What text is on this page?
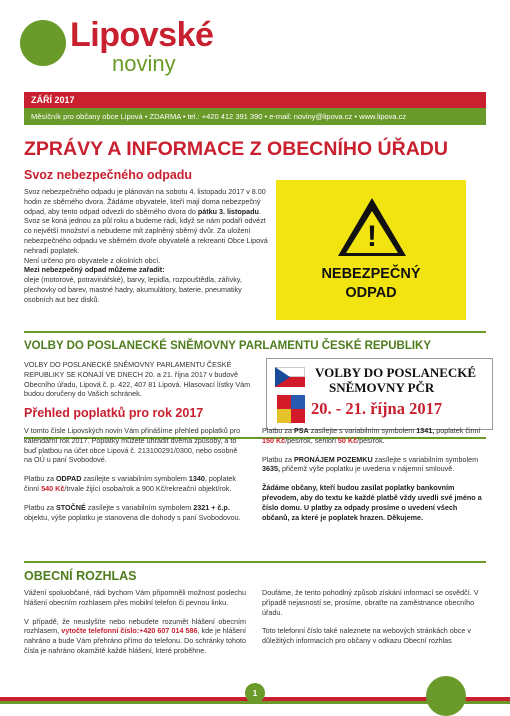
Lipovské
noviny
ZÁŘÍ 2017
Měsíčník pro občany obce Lipová • ZDARMA • tel.: +420 412 391 390 • e-mail: noviny@lipova.cz • www.lipova.cz
ZPRÁVY A INFORMACE Z OBECNÍHO ÚŘADU
Svoz nebezpečného odpadu

Svoz nebezpečného odpadu je plánován na sobotu 4. listopadu 2017 v 8.00 hodin ze sběrného dvora. Žádáme obyvatele, kteří mají doma nebezpečný odpad, aby tento odpad odvezli do sběrného dvora do pátku 3. listopadu.

Svoz se koná jednou za půl roku a budeme rádi, když se nám podaří odvézt co největší množství a nebudeme mít zaplněný sběrný dvůr. Za uložení nebezpečného odpadu ve sběrném dvoře obyvatelé a rekreanti Obce Lipová nehradí poplatek.

Není určeno pro obyvatele z okolních obcí.

Mezi nebezpečný odpad můžeme zařadit:

oleje (motorové, potravinářské), barvy, lepidla, rozpouštědla, zářivky, plechovky od barev, mastné hadry, akumulátory, baterie, pneumatiky osobních aut bez disků.

!
NEBEZPEČNÝ
ODPAD
VOLBY DO POSLANECKÉ SNĚMOVNY PARLAMENTU ČESKÉ REPUBLIKY
VOLBY DO POSLANECKÉ SNĚMOVNY PARLAMENTU ČESKÉ REPUBLIKY SE KONAJÍ VE DNECH 20. a 21. října 2017 v budově Obecního úřadu, Lipová č. p. 422, 407 81 Lipová. Hlasovací lístky Vám budou doručeny do Vašich schránek.
VOLBY DO POSLANECKÉ
SNĚMOVNY PČR
20. - 21. října 2017
Přehled poplatků pro rok 2017

V tomto čísle Lipovských novin Vám přinášíme přehled poplatků pro kalendářní rok 2017. Poplatky můžete uhradit dvěma způsoby, a to buď platbou na účet obce Lipová č. 213100291/0300, nebo osobně na OÚ u paní Svobodové.

Platbu za ODPAD zasílejte s variabilním symbolem 1340, poplatek činní 540 Kč/trvale žijící osoba/rok a 900 Kč/rekreační objekt/rok.

Platbu za STOČNÉ zasílejte s variabilním symbolem 2321 + č.p. objektu, výše poplatku je stanovena dle dohody s paní Svobodovou.

Platbu za PSA zasílejte s variabilním symbolem 1341, poplatek činní 150 Kč/pes/rok, senioři 50 Kč/pes/rok.

Platbu za PRONÁJEM POZEMKU zasílejte s variabilním symbolem 3635, přičemž výše poplatku je uvedena v nájemní smlouvě.

Žádáme občany, kteří budou zasílat poplatky bankovním převodem, aby do textu ke každé platbě vždy uvedli své jméno a číslo domu. U platby za odpady prosíme o uvedení všech občanů, za které je poplatek hrazen. Děkujeme.

OBECNÍ ROZHLAS

Vážení spoluobčané, rádi bychom Vám připomněli možnost poslechu hlášení obecním rozhlasem přes mobilní telefon či pevnou linku.

V případě, že neuslyšíte nebo nebudete rozumět hlášení obecním rozhlasem, vytočte telefonní číslo:+420 607 014 586, kde je hlášení nahráno a bude Vám přehráno přímo do telefonu. Do schránky tohoto čísla je nahráno okamžitě každé hlášení, které proběhne.

Doufáme, že tento pohodlný způsob získání informací se osvědčí. V případě nejasností se, prosíme, obraťte na zaměstnance obecního úřadu.

Toto telefonní číslo také naleznete na webových stránkách obce v důležitých informacích pro občany v odkazu Obecní rozhlas

1
